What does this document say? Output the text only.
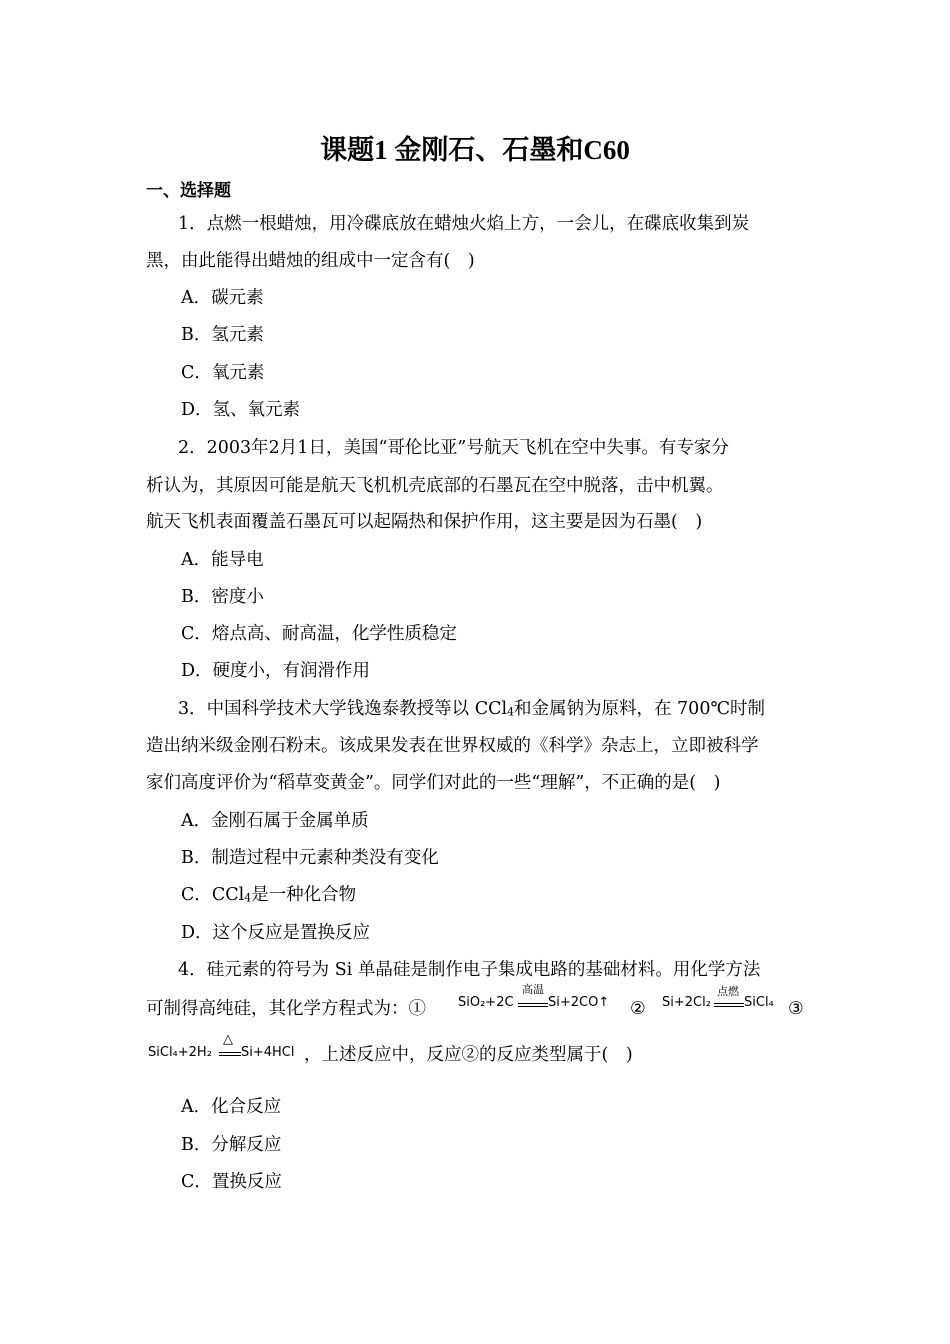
课题1 金刚石、石墨和C60
一、选择题
1．点燃一根蜡烛，用冷碟底放在蜡烛火焰上方，一会儿，在碟底收集到炭
黑，由此能得出蜡烛的组成中一定含有(　)
A．碳元素
B．氢元素
C．氧元素
D．氢、氧元素
2．2003年2月1日，美国“哥伦比亚”号航天飞机在空中失事。有专家分
析认为，其原因可能是航天飞机机壳底部的石墨瓦在空中脱落，击中机翼。
航天飞机表面覆盖石墨瓦可以起隔热和保护作用，这主要是因为石墨(　)
A．能导电
B．密度小
C．熔点高、耐高温，化学性质稳定
D．硬度小，有润滑作用
3．中国科学技术大学钱逸泰教授等以 CCl$_4$和金属钠为原料，在 700℃时制
造出纳米级金刚石粉末。该成果发表在世界权威的《科学》杂志上，立即被科学
家们高度评价为“稻草变黄金”。同学们对此的一些“理解”，不正确的是(　)
A．金刚石属于金属单质
B．制造过程中元素种类没有变化
C．CCl$_4$是一种化合物
D．这个反应是置换反应
4．硅元素的符号为 Si 单晶硅是制作电子集成电路的基础材料。用化学方法
可制得高纯硅，其化学方程式为：① SiO₂+2C
高温
Si+2CO↑ ② Si+2Cl₂
点燃
SiCl₄ ③
SiCl₄+2H₂
△
Si+4HCl ，上述反应中，反应②的反应类型属于(　)
A．化合反应
B．分解反应
C．置换反应
